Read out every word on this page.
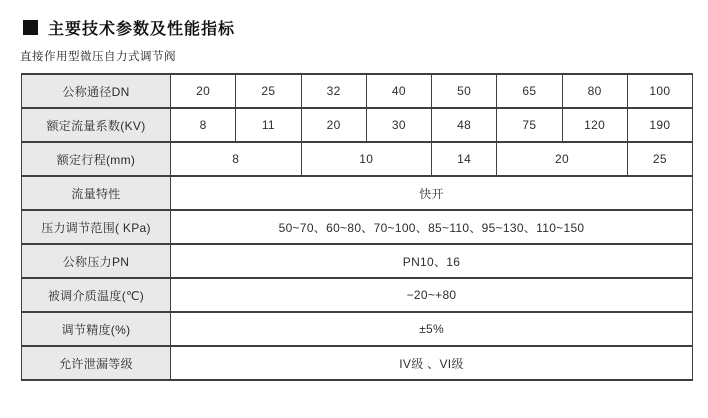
主要技术参数及性能指标
直接作用型微压自力式调节阀
公称通径DN	20	25	32	40	50	65	80	100
额定流量系数(KV)	8	11	20	30	48	75	120	190
额定行程(mm)	8		10		14	20		25
流量特性	快开							
压力调节范围( KPa)	50~70、60~80、70~100、85~110、95~130、110~150							
公称压力PN	PN10、16							
被调介质温度(℃)	−20~+80							
调节精度(%)	±5%							
允许泄漏等级	IV级 、VI级							
